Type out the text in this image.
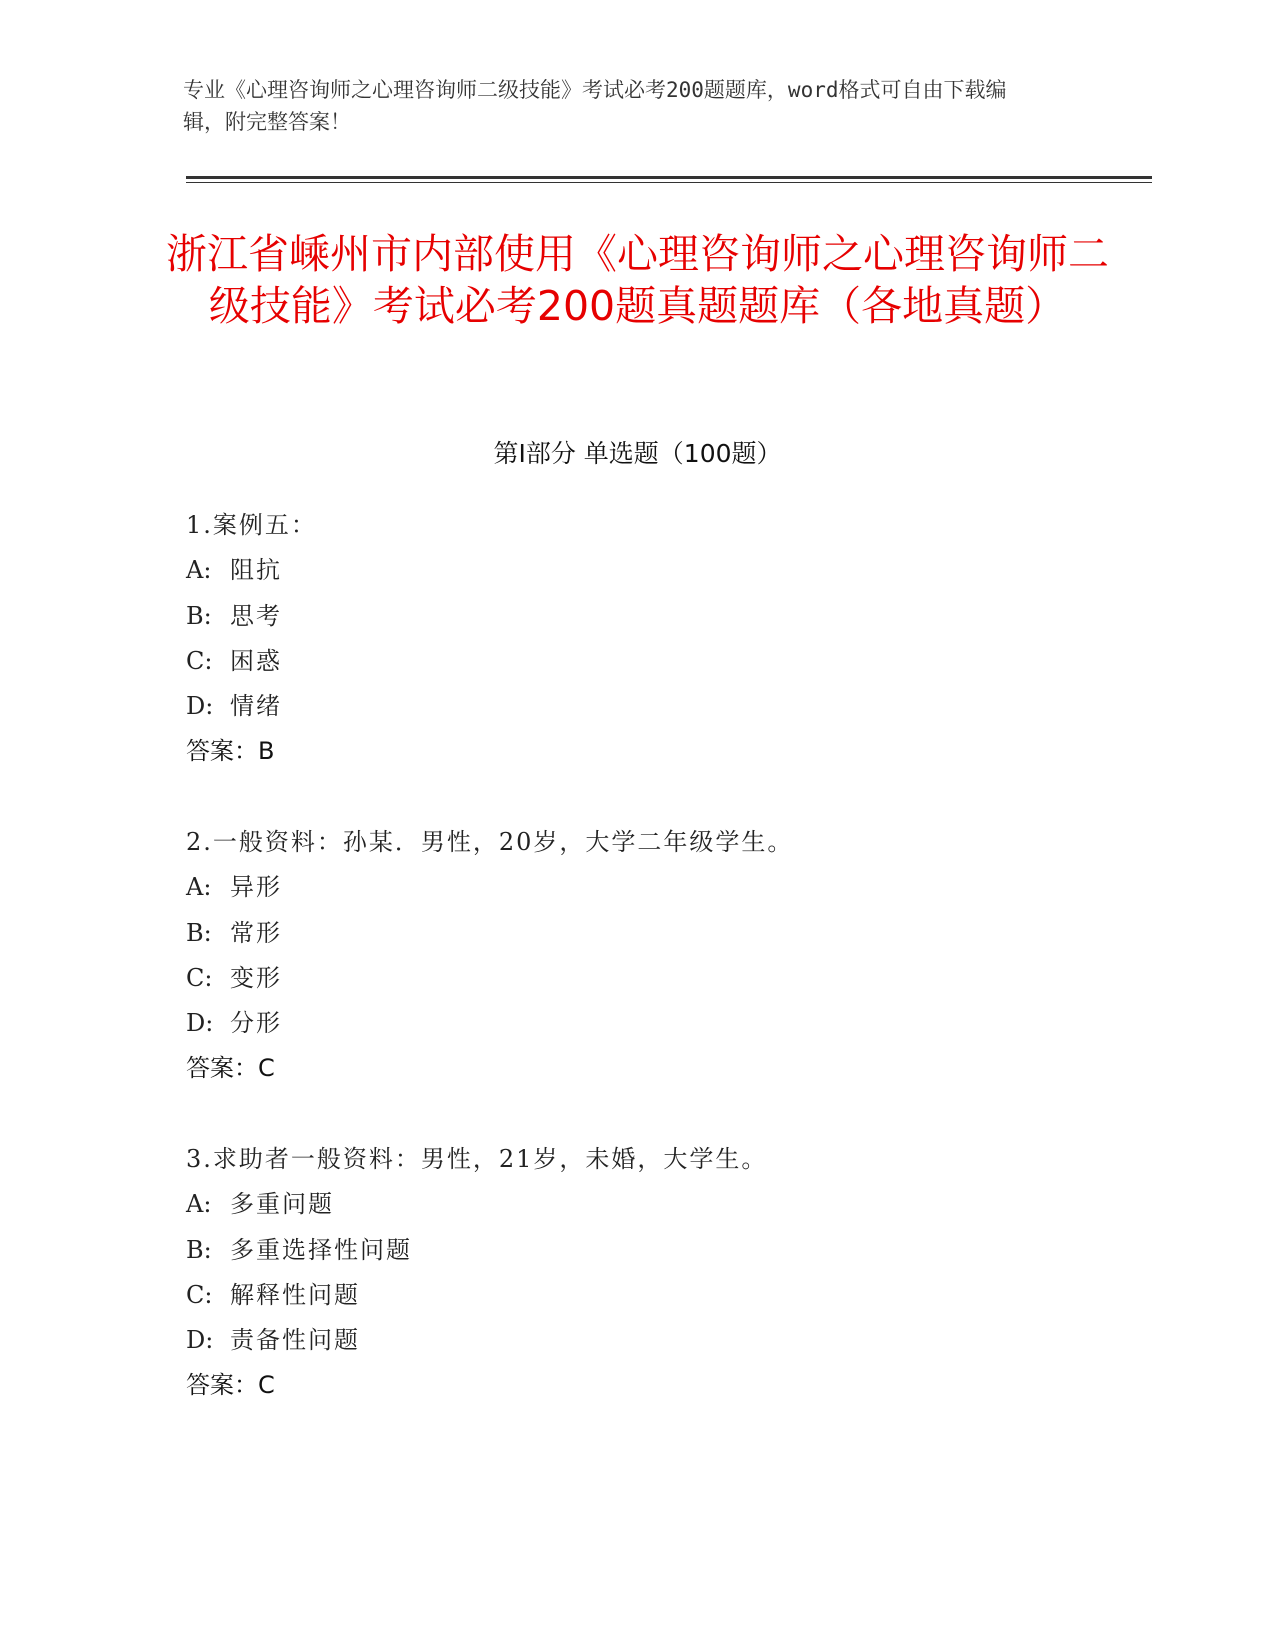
专业《心理咨询师之心理咨询师二级技能》考试必考200题题库，word格式可自由下载编辑，附完整答案！
浙江省嵊州市内部使用《心理咨询师之心理咨询师二级技能》考试必考200题真题题库（各地真题）
第Ⅰ部分 单选题（100题）
1.案例五：
A: 阻抗
B: 思考
C: 困惑
D: 情绪
答案：B
2.一般资料：孙某．男性，20岁，大学二年级学生。
A: 异形
B: 常形
C: 变形
D: 分形
答案：C
3.求助者一般资料：男性，21岁，未婚，大学生。
A: 多重问题
B: 多重选择性问题
C: 解释性问题
D: 责备性问题
答案：C
